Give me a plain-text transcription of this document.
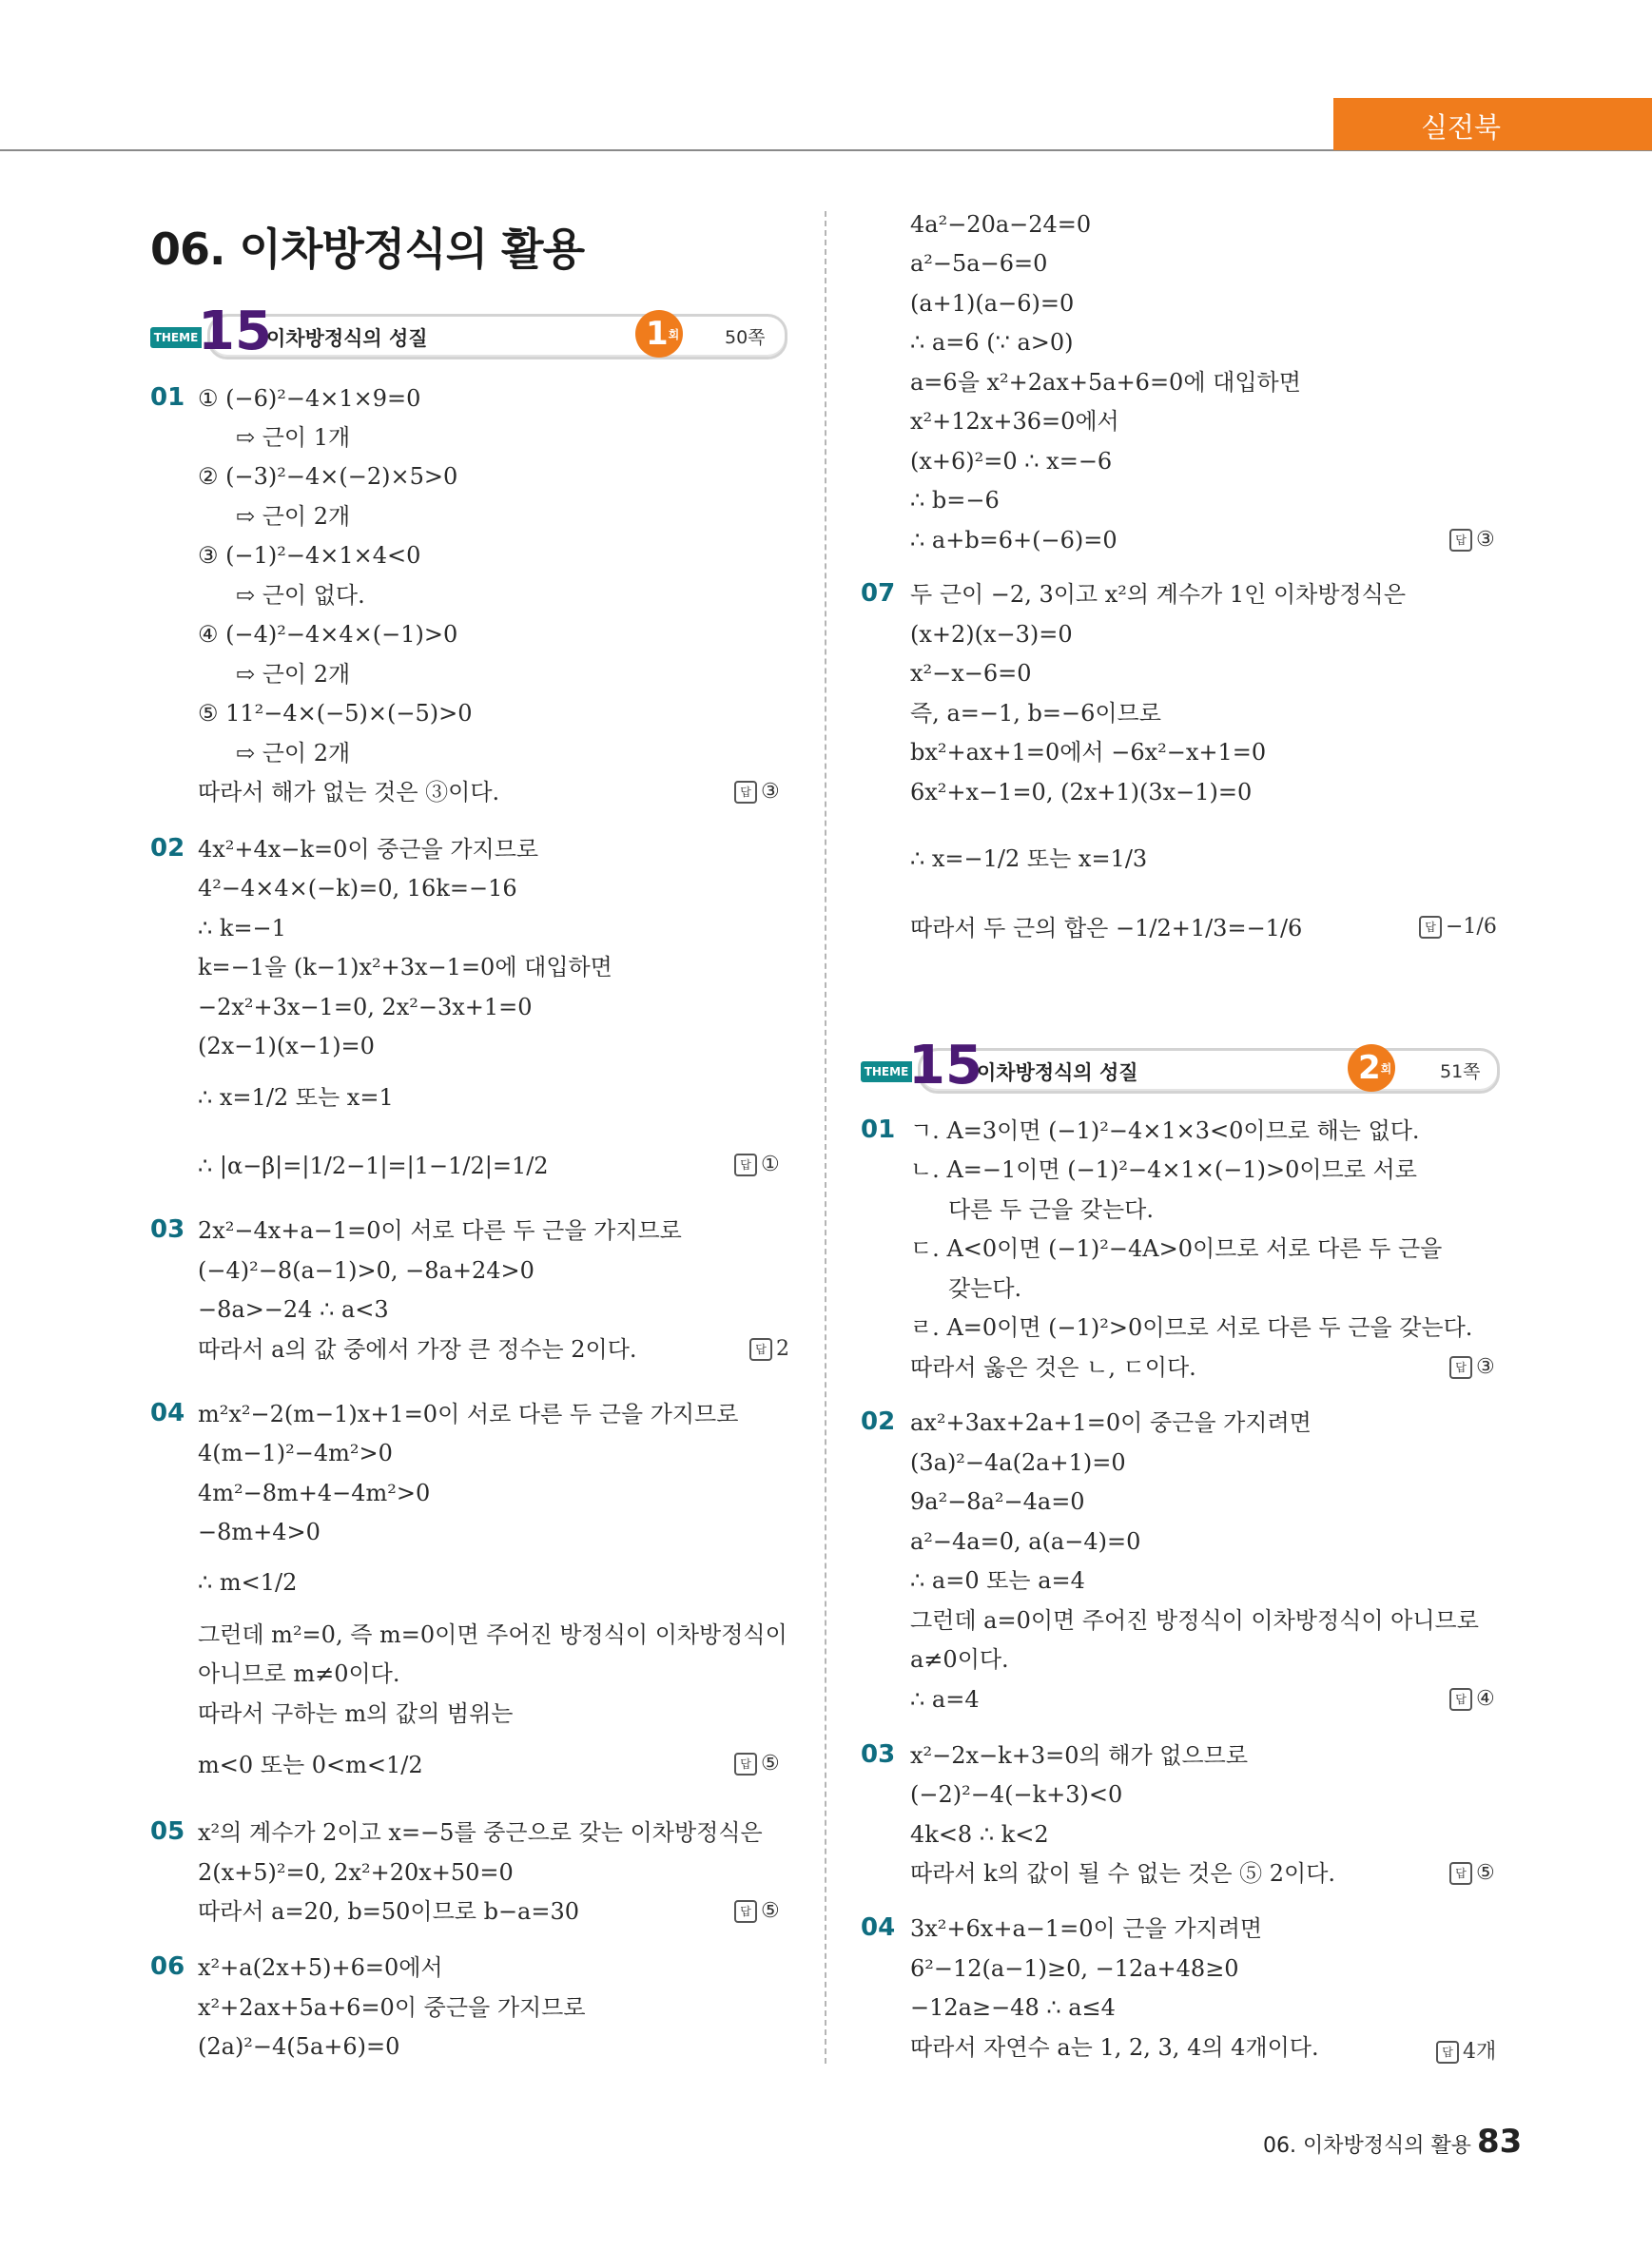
실전북
06. 이차방정식의 활용
THEME 15
이차방정식의 성질	1회	50쪽
01 ① (−6)²−4×1×9=0
⇨ 근이 1개
② (−3)²−4×(−2)×5>0
⇨ 근이 2개
③ (−1)²−4×1×4<0
⇨ 근이 없다.
④ (−4)²−4×4×(−1)>0
⇨ 근이 2개
⑤ 11²−4×(−5)×(−5)>0
⇨ 근이 2개
따라서 해가 없는 것은 ③이다.	답 ③
02 4x²+4x−k=0이 중근을 가지므로
4²−4×4×(−k)=0, 16k=−16
∴ k=−1
k=−1을 (k−1)x²+3x−1=0에 대입하면
−2x²+3x−1=0, 2x²−3x+1=0
(2x−1)(x−1)=0
∴ x=1/2 또는 x=1
∴ |α−β|=|1/2−1|=|1−1/2|=1/2	답 ①
03 2x²−4x+a−1=0이 서로 다른 두 근을 가지므로
(−4)²−8(a−1)>0, −8a+24>0
−8a>−24 ∴ a<3
따라서 a의 값 중에서 가장 큰 정수는 2이다.	답 2
04 m²x²−2(m−1)x+1=0이 서로 다른 두 근을 가지므로
4(m−1)²−4m²>0
4m²−8m+4−4m²>0
−8m+4>0
∴ m<1/2
그런데 m²=0, 즉 m=0이면 주어진 방정식이 이차방정식이
아니므로 m≠0이다.
따라서 구하는 m의 값의 범위는
m<0 또는 0<m<1/2	답 ⑤
05 x²의 계수가 2이고 x=−5를 중근으로 갖는 이차방정식은
2(x+5)²=0, 2x²+20x+50=0
따라서 a=20, b=50이므로 b−a=30	답 ⑤
06 x²+a(2x+5)+6=0에서
x²+2ax+5a+6=0이 중근을 가지므로
(2a)²−4(5a+6)=0
4a²−20a−24=0
a²−5a−6=0
(a+1)(a−6)=0
∴ a=6 (∵ a>0)
a=6을 x²+2ax+5a+6=0에 대입하면
x²+12x+36=0에서
(x+6)²=0 ∴ x=−6
∴ b=−6
∴ a+b=6+(−6)=0	답 ③
07 두 근이 −2, 3이고 x²의 계수가 1인 이차방정식은
(x+2)(x−3)=0
x²−x−6=0
즉, a=−1, b=−6이므로
bx²+ax+1=0에서 −6x²−x+1=0
6x²+x−1=0, (2x+1)(3x−1)=0
∴ x=−1/2 또는 x=1/3
따라서 두 근의 합은 −1/2+1/3=−1/6	답 −1/6
THEME 15
이차방정식의 성질	2회	51쪽
01 ㄱ. A=3이면 (−1)²−4×1×3<0이므로 해는 없다.
ㄴ. A=−1이면 (−1)²−4×1×(−1)>0이므로 서로
다른 두 근을 갖는다.
ㄷ. A<0이면 (−1)²−4A>0이므로 서로 다른 두 근을
갖는다.
ㄹ. A=0이면 (−1)²>0이므로 서로 다른 두 근을 갖는다.
따라서 옳은 것은 ㄴ, ㄷ이다.	답 ③
02 ax²+3ax+2a+1=0이 중근을 가지려면
(3a)²−4a(2a+1)=0
9a²−8a²−4a=0
a²−4a=0, a(a−4)=0
∴ a=0 또는 a=4
그런데 a=0이면 주어진 방정식이 이차방정식이 아니므로
a≠0이다.
∴ a=4	답 ④
03 x²−2x−k+3=0의 해가 없으므로
(−2)²−4(−k+3)<0
4k<8 ∴ k<2
따라서 k의 값이 될 수 없는 것은 ⑤ 2이다.	답 ⑤
04 3x²+6x+a−1=0이 근을 가지려면
6²−12(a−1)≥0, −12a+48≥0
−12a≥−48 ∴ a≤4
따라서 자연수 a는 1, 2, 3, 4의 4개이다.	답 4개
06. 이차방정식의 활용 83
